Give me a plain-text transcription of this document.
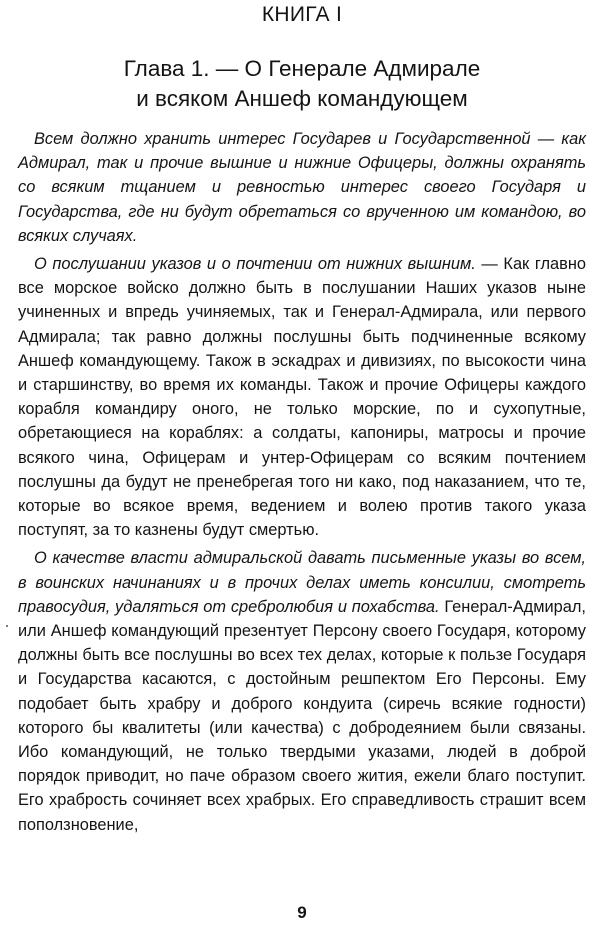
КНИГА I
Глава 1. — О Генерале Адмирале
и всяком Аншеф командующем

Всем должно хранить интерес Государев и Государственной — как Адмирал, так и прочие вышние и нижние Офицеры, должны охранять со всяким тщанием и ревностью интерес своего Государя и Государства, где ни будут обретаться со врученною им командою, во всяких случаях.

О послушании указов и о почтении от нижних вышним. — Как главно все морское войско должно быть в послушании Наших указов ныне учиненных и впредь учиняемых, так и Генерал-Адмирала, или первого Адмирала; так равно должны послушны быть подчиненные всякому Аншеф командующему. Також в эскадрах и дивизиях, по высокости чина и старшинству, во время их команды. Також и прочие Офицеры каждого корабля командиру оного, не только морские, по и сухопутные, обретающиеся на кораблях: а солдаты, капониры, матросы и прочие всякого чина, Офицерам и унтер-Офицерам со всяким почтением послушны да будут не пренебрегая того ни како, под наказанием, что те, которые во всякое время, ведением и волею против такого указа поступят, за то казнены будут смертью.

О качестве власти адмиральской давать письменные указы во всем, в воинских начинаниях и в прочих делах иметь консилии, смотреть правосудия, удаляться от сребролюбия и похабства. Генерал-Адмирал, или Аншеф командующий презентует Персону своего Государя, которому должны быть все послушны во всех тех делах, которые к пользе Государя и Государства касаются, с достойным решпектом Его Персоны. Ему подобает быть храбру и доброго кондуита (сиречь всякие годности) которого бы квалитеты (или качества) с добродеянием были связаны. Ибо командующий, не только твердыми указами, людей в доброй порядок приводит, но паче образом своего жития, ежели благо поступит. Его храбрость сочиняет всех храбрых. Его справедливость страшит всем поползновение,

9
